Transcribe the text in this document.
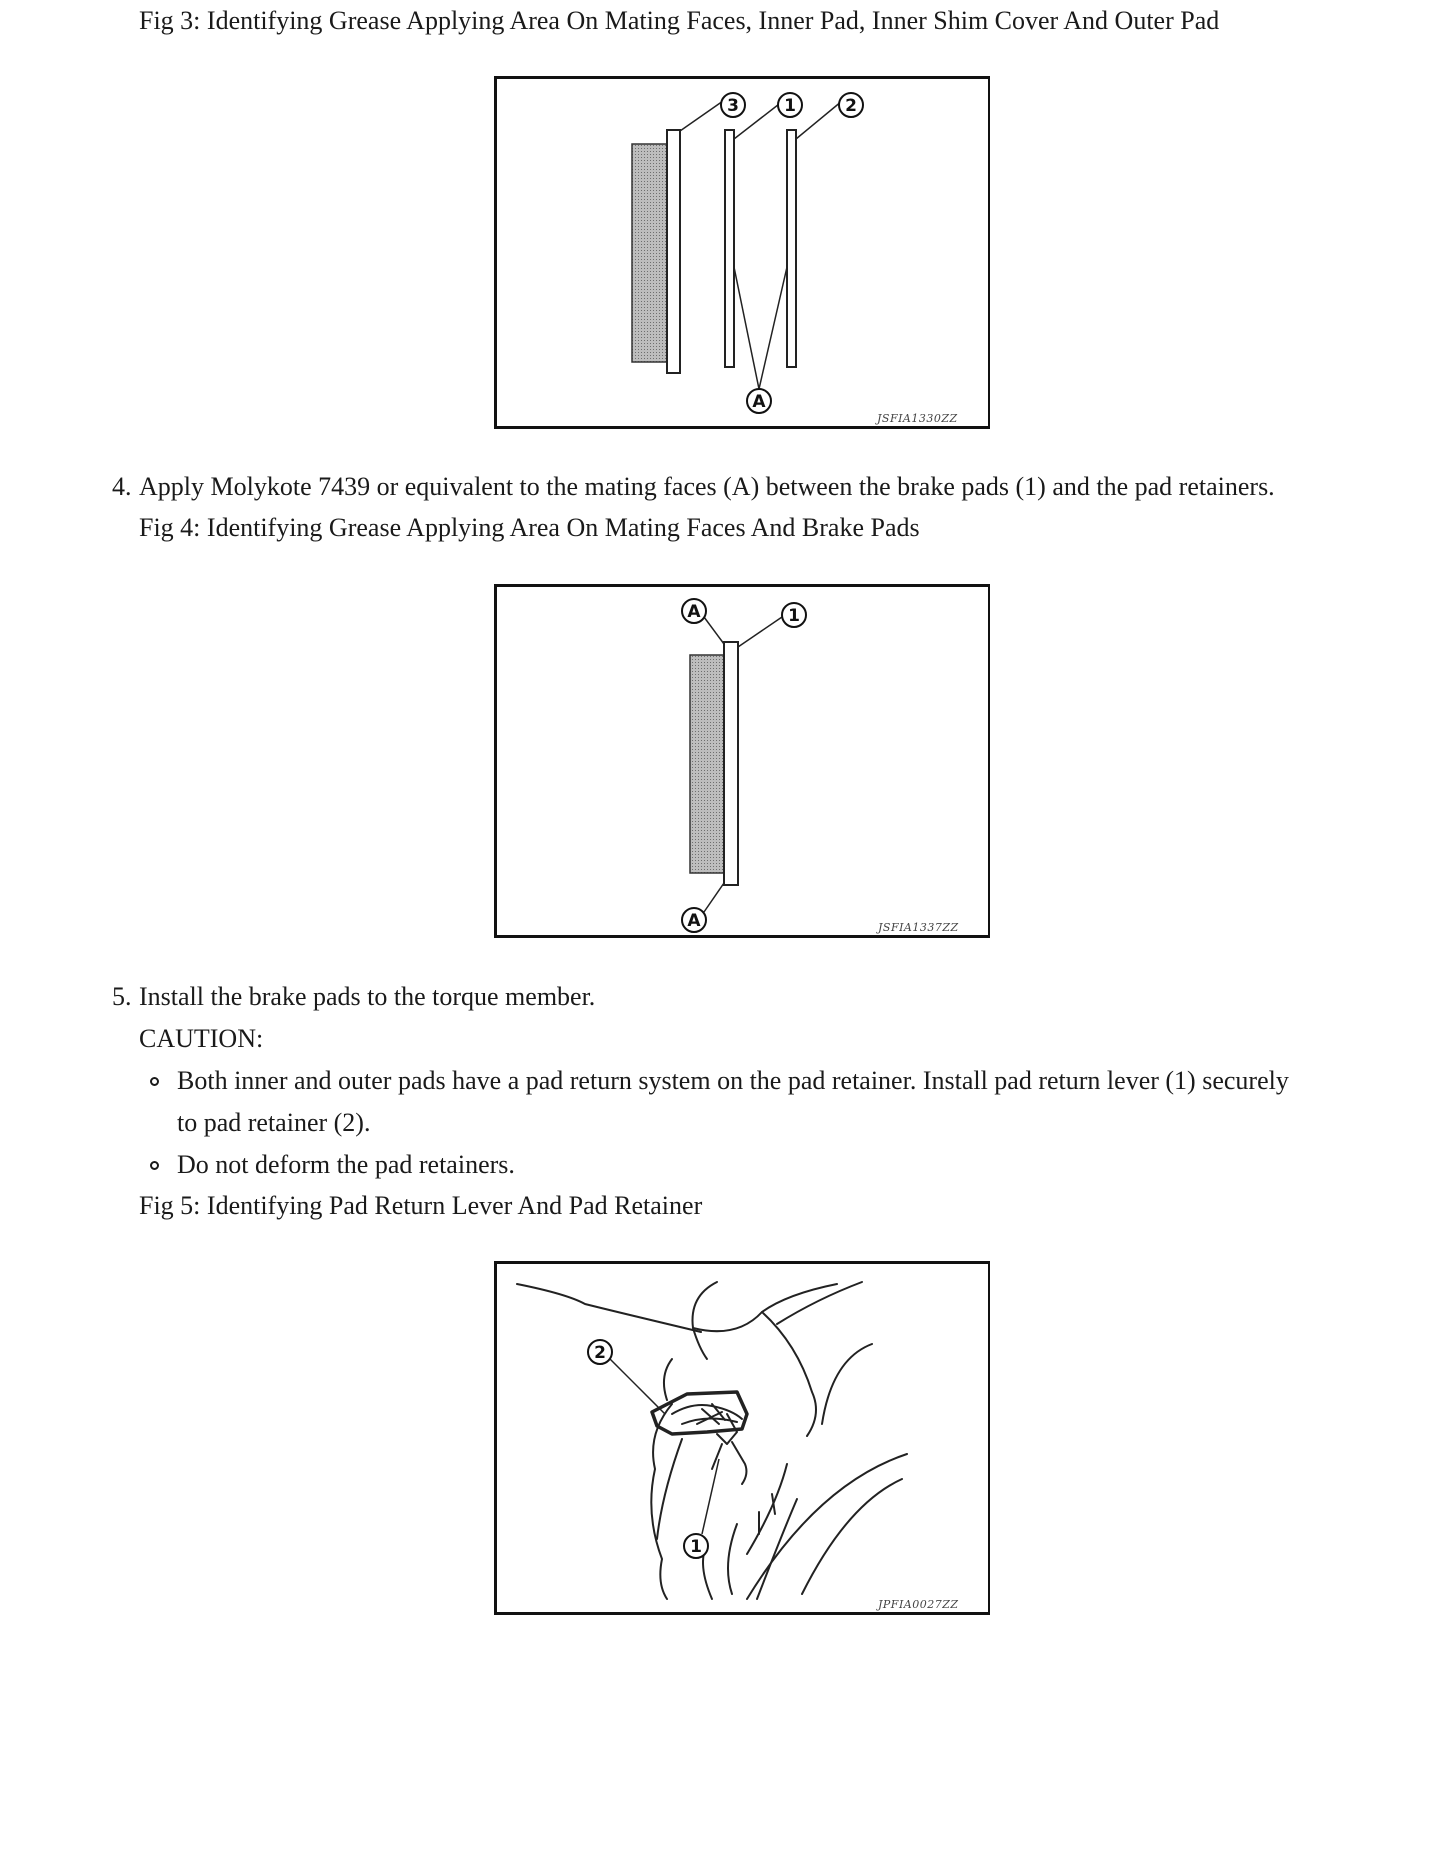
Fig 3: Identifying Grease Applying Area On Mating Faces, Inner Pad, Inner Shim Cover And Outer Pad
3	1	2
A
JSFIA1330ZZ
4. Apply Molykote 7439 or equivalent to the mating faces (A) between the brake pads (1) and the pad retainers.
Fig 4: Identifying Grease Applying Area On Mating Faces And Brake Pads
A	1
A	JSFIA1337ZZ
5. Install the brake pads to the torque member.
CAUTION:
Both inner and outer pads have a pad return system on the pad retainer. Install pad return lever (1) securely
to pad retainer (2).
Do not deform the pad retainers.
Fig 5: Identifying Pad Return Lever And Pad Retainer
2
1
JPFIA0027ZZ
